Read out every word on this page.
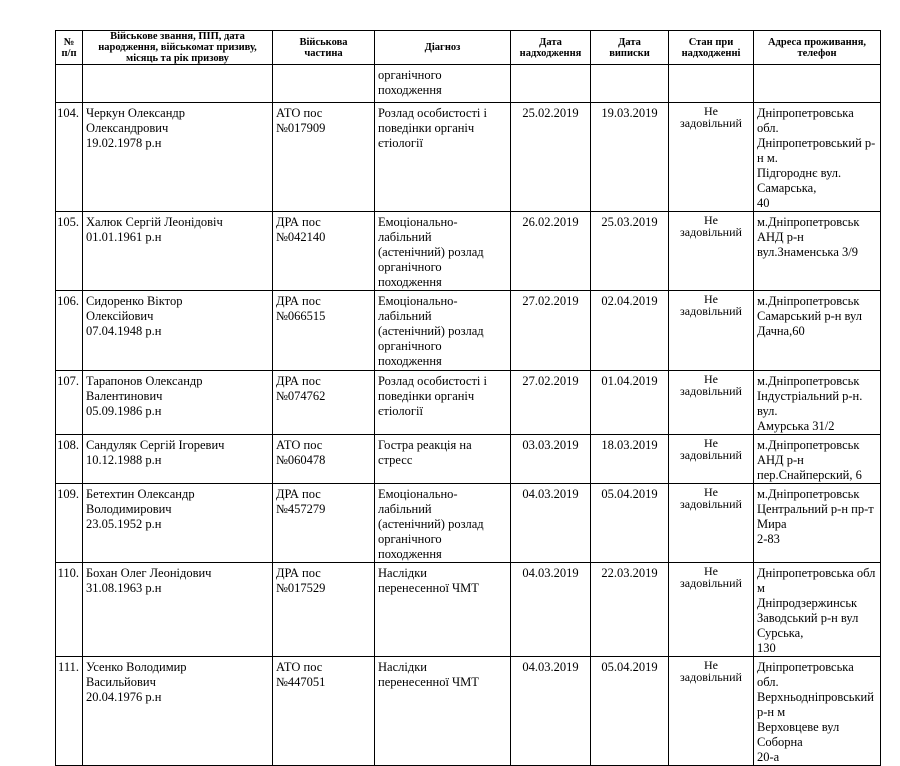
№
п/п	Військове звання, ПІП, дата
народження, військомат призиву,
місяць та рік призову	Військова
частина	Діагноз	Дата
надходження	Дата
виписки	Стан при
надходженні	Адреса проживання, телефон

			органічного
походження				

104.	Черкун Олександр
Олександрович
19.02.1978 р.н	АТО пос
№017909	Розлад особистості і
поведінки органіч
єтіології	25.02.2019	19.03.2019	Не
задовільний	Дніпропетровська обл.
Дніпропетровський р-н м.
Підгороднє вул. Самарська,
40

105.	Халюк Сергій Леонідовіч
01.01.1961 р.н	ДРА пос
№042140	Емоціонально-
лабільний
(астенічний) розлад
органічного
походження	26.02.2019	25.03.2019	Не
задовільний	м.Дніпропетровськ АНД р-н
вул.Знаменська 3/9

106.	Сидоренко Віктор
Олексійович
07.04.1948 р.н	ДРА пос
№066515	Емоціонально-
лабільний
(астенічний) розлад
органічного
походження	27.02.2019	02.04.2019	Не
задовільний	м.Дніпропетровськ
Самарський р-н вул
Дачна,60

107.	Тарапонов Олександр
Валентинович
05.09.1986 р.н	ДРА пос
№074762	Розлад особистості і
поведінки органіч
єтіології	27.02.2019	01.04.2019	Не
задовільний	м.Дніпропетровськ
Індустріальний р-н. вул.
Амурська 31/2

108.	Сандуляк Сергій Ігоревич
10.12.1988 р.н	АТО пос
№060478	Гостра реакція на
стресс	03.03.2019	18.03.2019	Не
задовільний	м.Дніпропетровськ АНД р-н
пер.Снайперский, 6

109.	Бетехтин Олександр
Володимирович
23.05.1952 р.н	ДРА пос
№457279	Емоціонально-
лабільний
(астенічний) розлад
органічного
походження	04.03.2019	05.04.2019	Не
задовільний	м.Дніпропетровськ
Центральний р-н пр-т Мира
2-83

110.	Бохан Олег Леонідович
31.08.1963 р.н	ДРА пос
№017529	Наслідки
перенесенної ЧМТ	04.03.2019	22.03.2019	Не
задовільний	Дніпропетровська обл м
Дніпродзержинськ
Заводський р-н вул Сурська,
130

111.	Усенко Володимир
Васильйович
20.04.1976 р.н	АТО пос
№447051	Наслідки
перенесенної ЧМТ	04.03.2019	05.04.2019	Не
задовільний	Дніпропетровська обл.
Верхньодніпровський р-н м
Верховцеве вул Соборна
20-а
